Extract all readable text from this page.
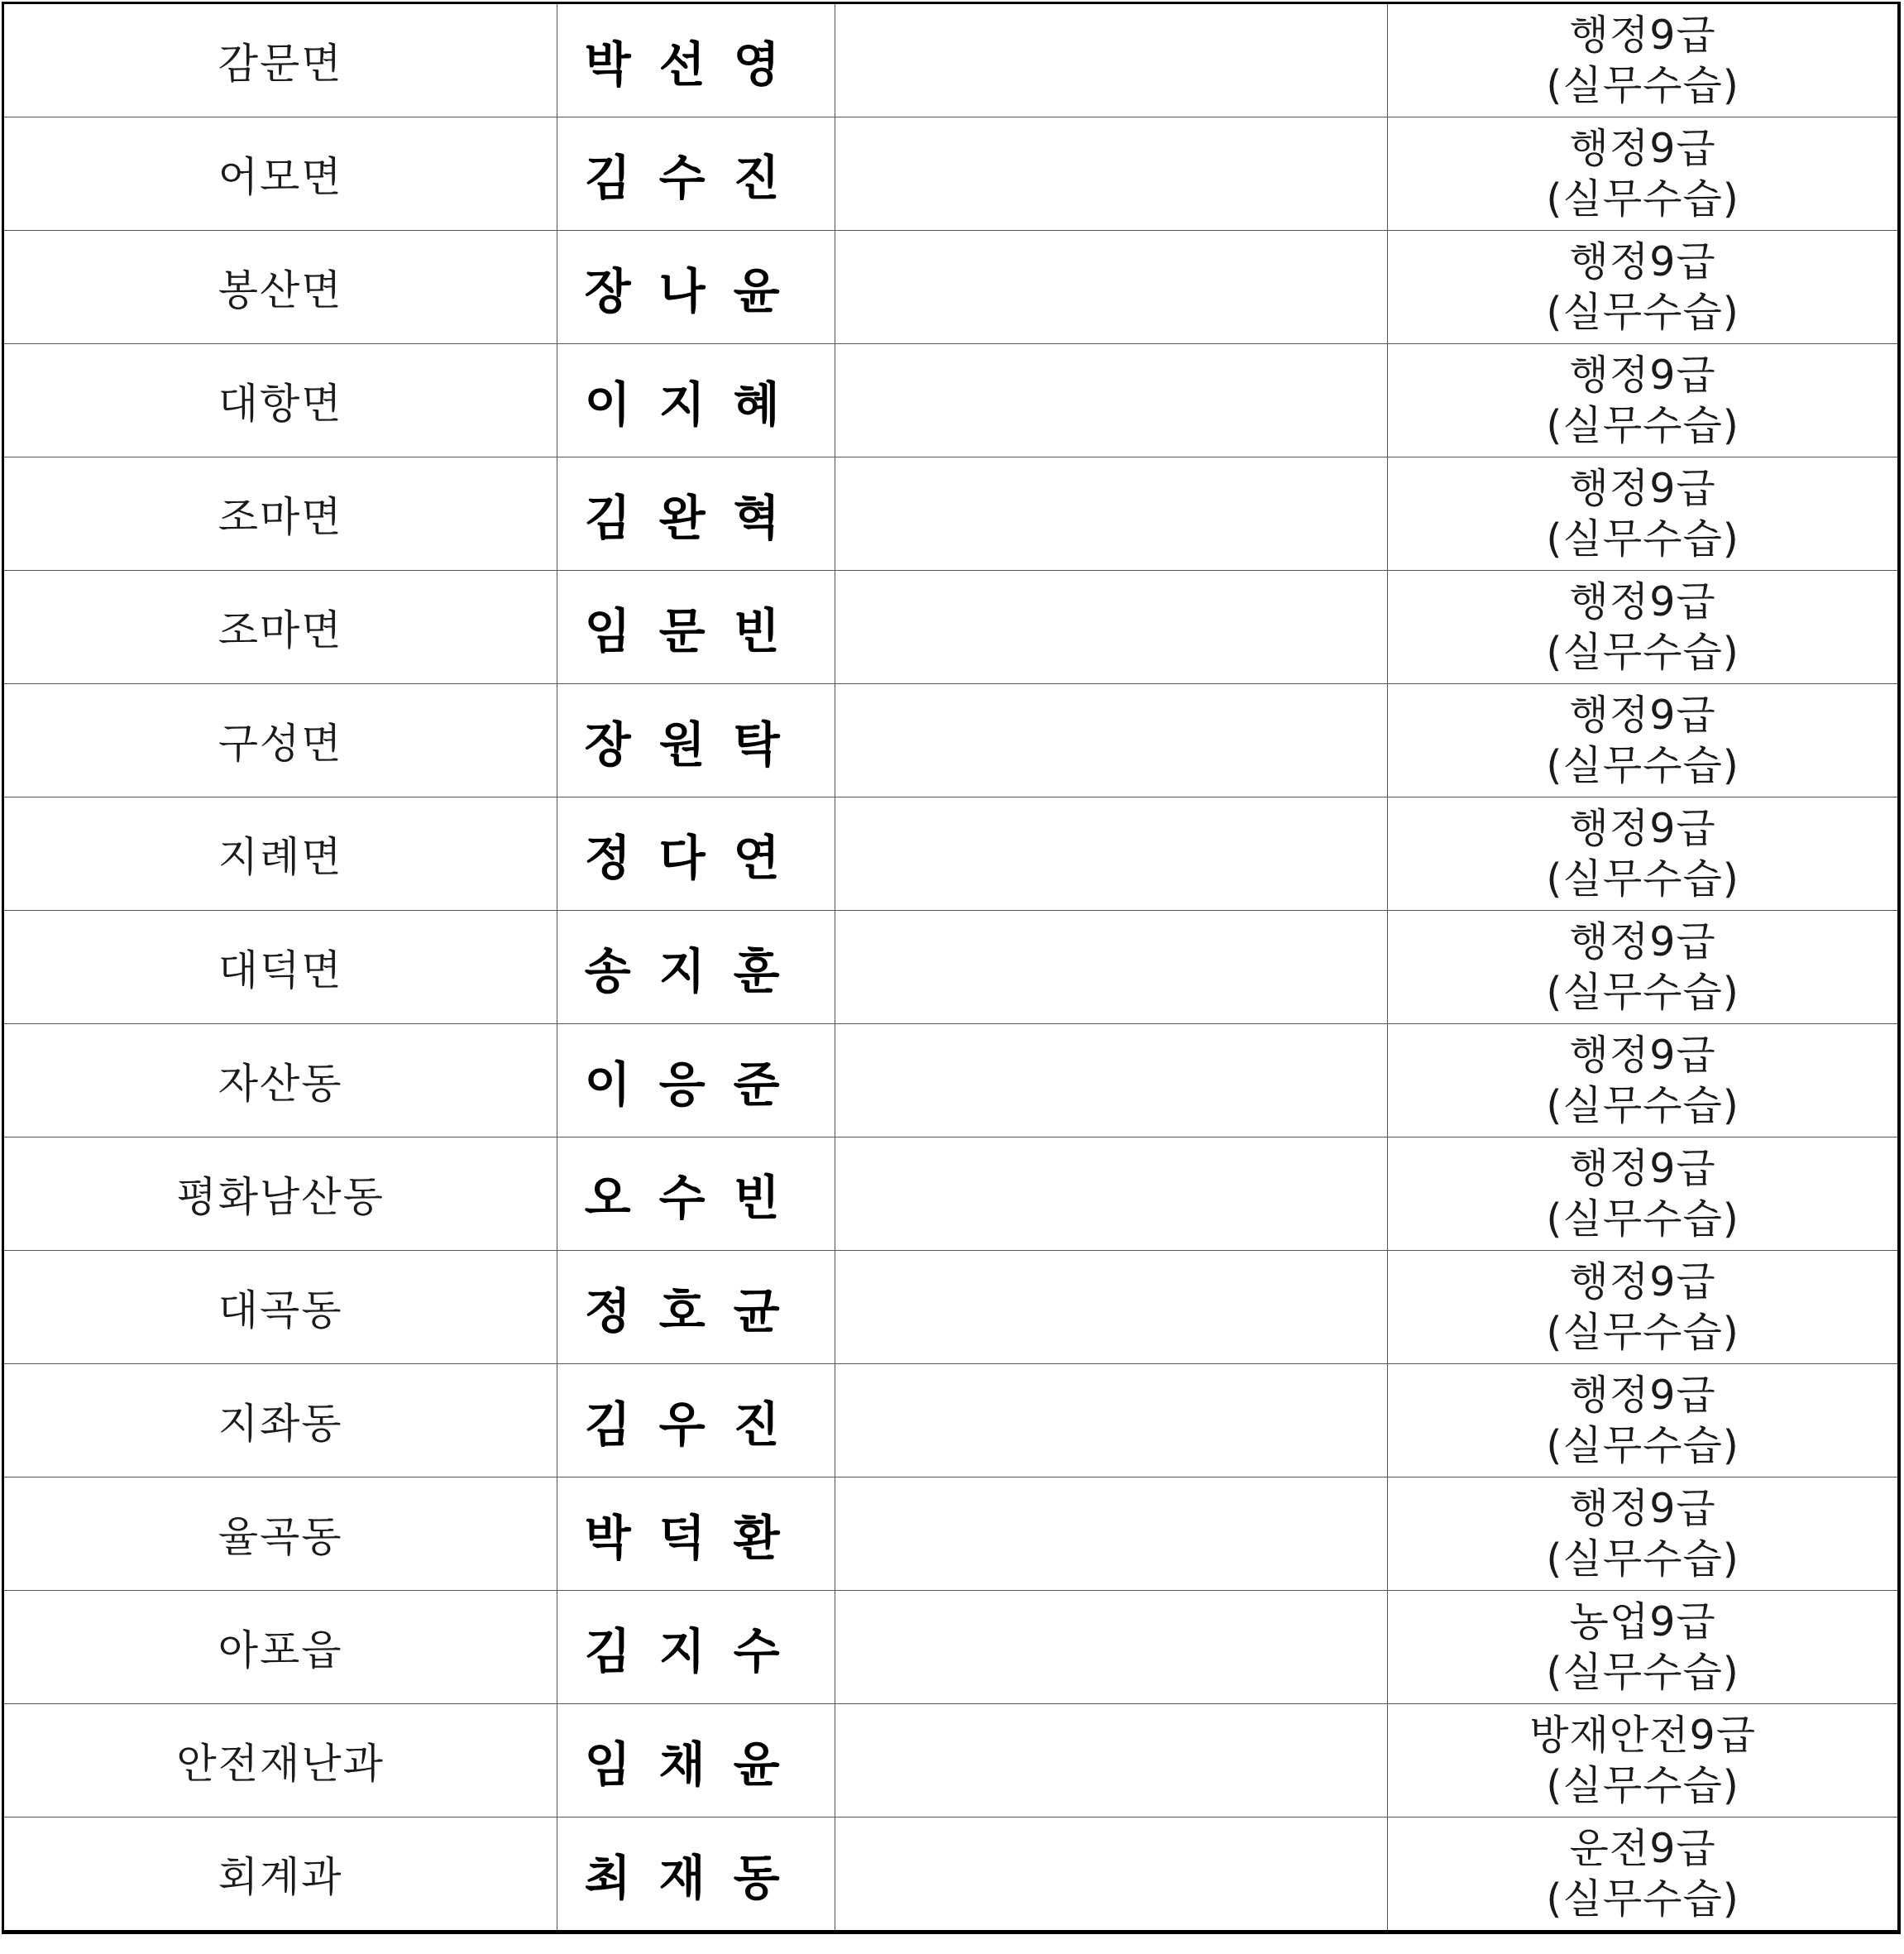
감문면	박선영		행정9급
(실무수습)

어모면	김수진		행정9급
(실무수습)

봉산면	장나윤		행정9급
(실무수습)

대항면	이지혜		행정9급
(실무수습)

조마면	김완혁		행정9급
(실무수습)

조마면	임문빈		행정9급
(실무수습)

구성면	장원탁		행정9급
(실무수습)

지례면	정다연		행정9급
(실무수습)

대덕면	송지훈		행정9급
(실무수습)

자산동	이응준		행정9급
(실무수습)

평화남산동	오수빈		행정9급
(실무수습)

대곡동	정호균		행정9급
(실무수습)

지좌동	김우진		행정9급
(실무수습)

율곡동	박덕환		행정9급
(실무수습)

아포읍	김지수		농업9급
(실무수습)

안전재난과	임채윤		방재안전9급
(실무수습)

회계과	최재동		운전9급
(실무수습)
